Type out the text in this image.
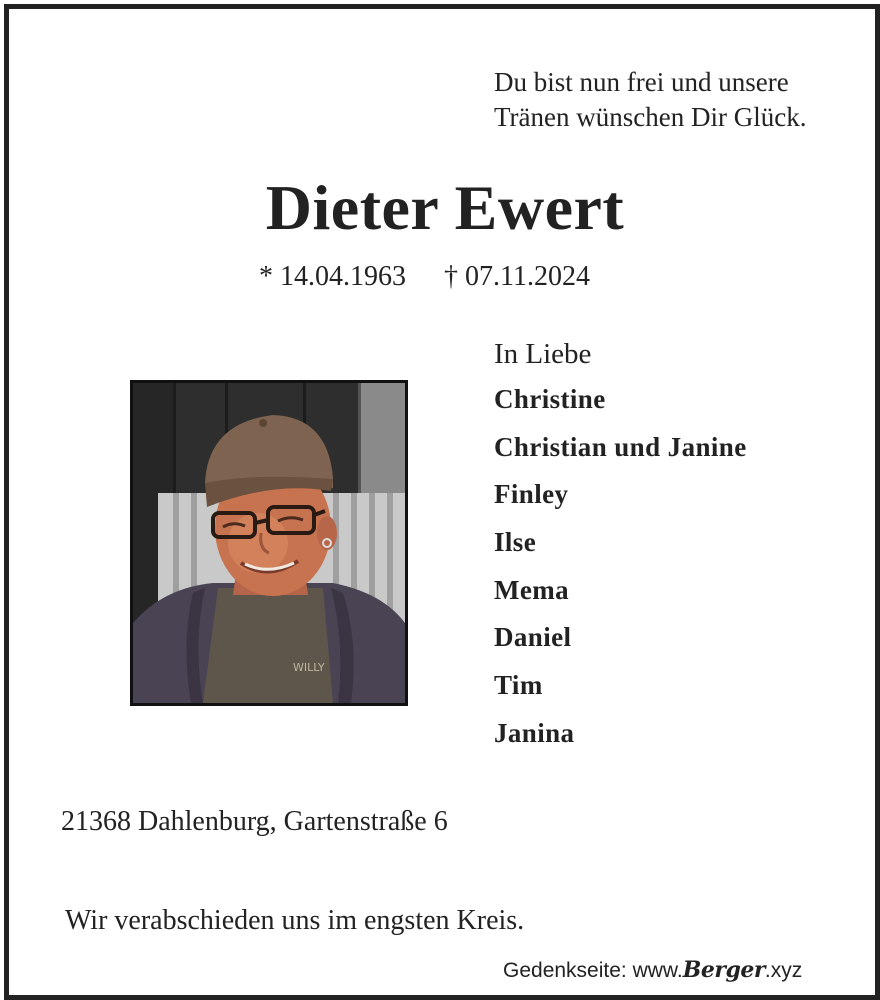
Du bist nun frei und unsere
Tränen wünschen Dir Glück.
Dieter Ewert
* 14.04.1963 † 07.11.2024
WILLY
In Liebe
Christine
Christian und Janine
Finley
Ilse
Mema
Daniel
Tim
Janina
21368 Dahlenburg, Gartenstraße 6
Wir verabschieden uns im engsten Kreis.
Gedenkseite: www.Berger.xyz
